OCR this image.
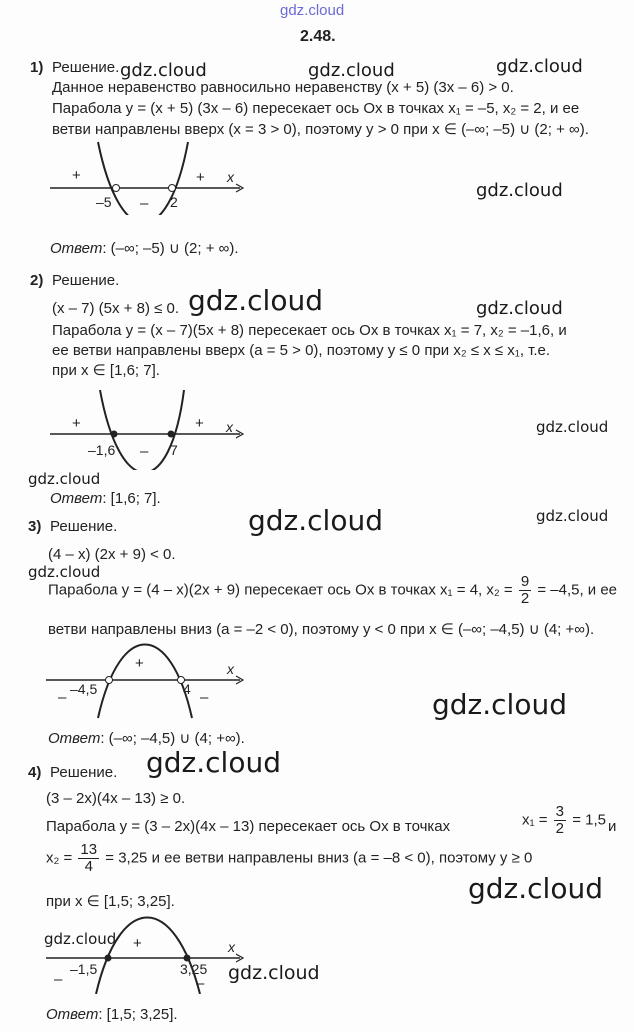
gdz.cloud
2.48.
1) Решение.
Данное неравенство равносильно неравенству (x + 5) (3x – 6) > 0.
Парабола y = (x + 5) (3x – 6) пересекает ось Ox в точках x₁ = –5, x₂ = 2, и ее
ветви направлены вверх (x = 3 > 0), поэтому y > 0 при x ∈ (–∞; –5) ∪ (2; + ∞).
gdz.cloud	gdz.cloud	gdz.cloud
gdz.cloud
+
–
+ x
–5	2
Ответ: (–∞; –5) ∪ (2; + ∞).
2) Решение.
(x – 7) (5x + 8) ≤ 0.
Парабола y = (x – 7)(5x + 8) пересекает ось Ox в точках x₁ = 7, x₂ = –1,6, и
ее ветви направлены вверх (a = 5 > 0), поэтому y ≤ 0 при x₂ ≤ x ≤ x₁, т.е.
при x ∈ [1,6; 7].
gdz.cloud	gdz.cloud
gdz.cloud
gdz.cloud
+
–
+ x
–1,6	7
Ответ: [1,6; 7].
3) Решение.
(4 – x) (2x + 9) < 0.
Парабола y = (4 – x)(2x + 9) пересекает ось Ox в точках x₁ = 4, $x_2 = \frac{9}{2} = -4,5$, и ее
ветви направлены вниз (a = –2 < 0), поэтому y < 0 при x ∈ (–∞; –4,5) ∪ (4; +∞).
gdz.cloud	gdz.cloud
gdz.cloud
gdz.cloud
–
+
–
x
–4,5	4
Ответ: (–∞; –4,5) ∪ (4; +∞).
4) Решение.
(3 – 2x)(4x – 13) ≥ 0.
Парабола y = (3 – 2x)(4x – 13) пересекает ось Ox в точках	$x_1 = \frac{3}{2} = 1,5$ и
$x_2 = \frac{13}{4} = 3,25$ и ее ветви направлены вниз (a = –8 < 0), поэтому y ≥ 0
при x ∈ [1,5; 3,25].
gdz.cloud
gdz.cloud
gdz.cloud
gdz.cloud
–
+
–
x
–1,5	3,25
Ответ: [1,5; 3,25].
